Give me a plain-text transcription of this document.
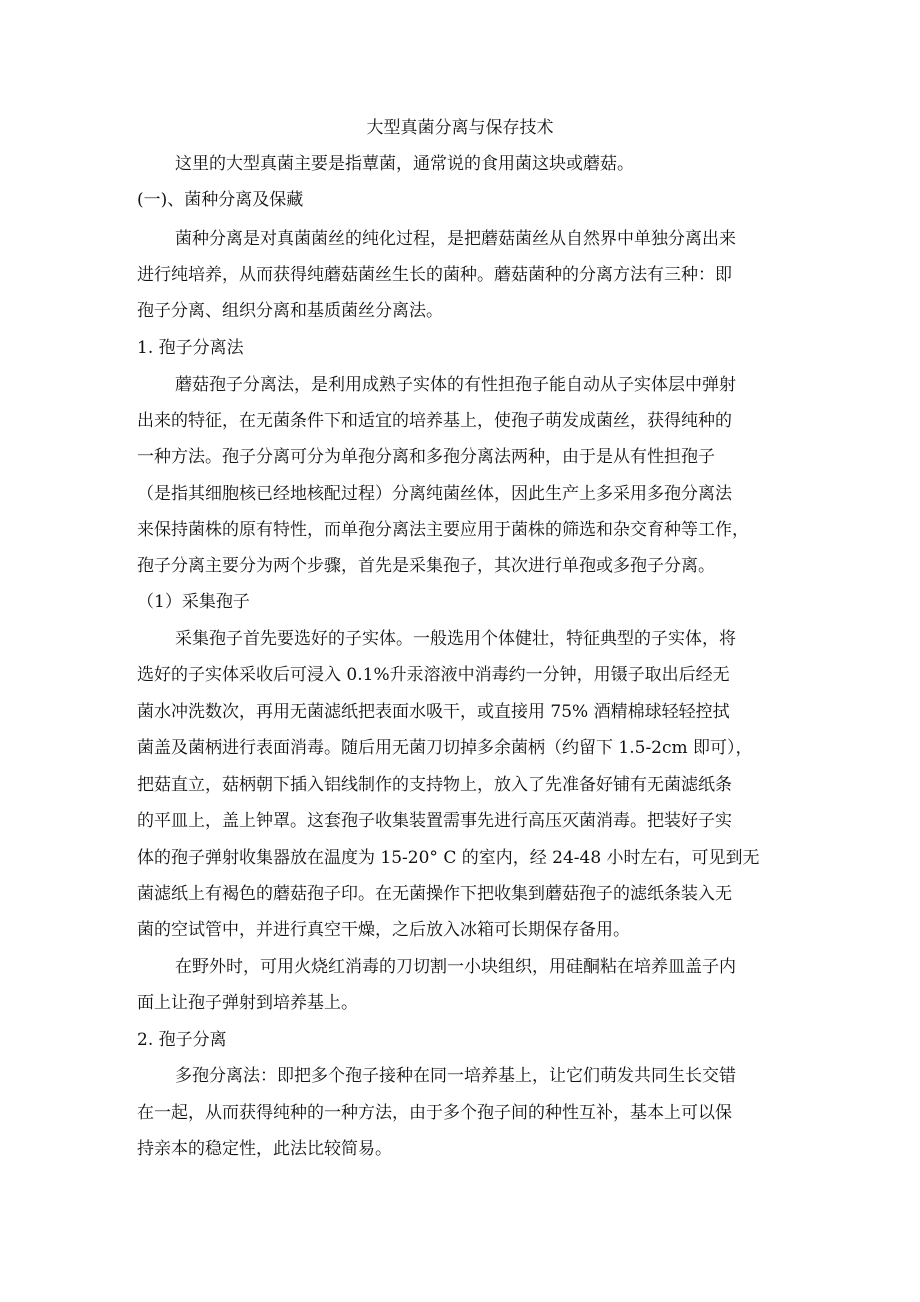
大型真菌分离与保存技术
这里的大型真菌主要是指蕈菌，通常说的食用菌这块或蘑菇。
(一)、菌种分离及保藏
菌种分离是对真菌菌丝的纯化过程，是把蘑菇菌丝从自然界中单独分离出来
进行纯培养，从而获得纯蘑菇菌丝生长的菌种。蘑菇菌种的分离方法有三种：即
孢子分离、组织分离和基质菌丝分离法。
1. 孢子分离法
蘑菇孢子分离法，是利用成熟子实体的有性担孢子能自动从子实体层中弹射
出来的特征，在无菌条件下和适宜的培养基上，使孢子萌发成菌丝，获得纯种的
一种方法。孢子分离可分为单孢分离和多孢分离法两种，由于是从有性担孢子
（是指其细胞核已经地核配过程）分离纯菌丝体，因此生产上多采用多孢分离法
来保持菌株的原有特性，而单孢分离法主要应用于菌株的筛选和杂交育种等工作，
孢子分离主要分为两个步骤，首先是采集孢子，其次进行单孢或多孢子分离。
（1）采集孢子
采集孢子首先要选好的子实体。一般选用个体健壮，特征典型的子实体，将
选好的子实体采收后可浸入 0.1%升汞溶液中消毒约一分钟，用镊子取出后经无
菌水冲洗数次，再用无菌滤纸把表面水吸干，或直接用 75% 酒精棉球轻轻控拭
菌盖及菌柄进行表面消毒。随后用无菌刀切掉多余菌柄（约留下 1.5-2cm 即可），
把菇直立，菇柄朝下插入铝线制作的支持物上，放入了先准备好铺有无菌滤纸条
的平皿上，盖上钟罩。这套孢子收集装置需事先进行高压灭菌消毒。把装好子实
体的孢子弹射收集器放在温度为 15-20° C 的室内，经 24-48 小时左右，可见到无
菌滤纸上有褐色的蘑菇孢子印。在无菌操作下把收集到蘑菇孢子的滤纸条装入无
菌的空试管中，并进行真空干燥，之后放入冰箱可长期保存备用。
在野外时，可用火烧红消毒的刀切割一小块组织，用硅酮粘在培养皿盖子内
面上让孢子弹射到培养基上。
2. 孢子分离
多孢分离法：即把多个孢子接种在同一培养基上，让它们萌发共同生长交错
在一起，从而获得纯种的一种方法，由于多个孢子间的种性互补，基本上可以保
持亲本的稳定性，此法比较简易。
